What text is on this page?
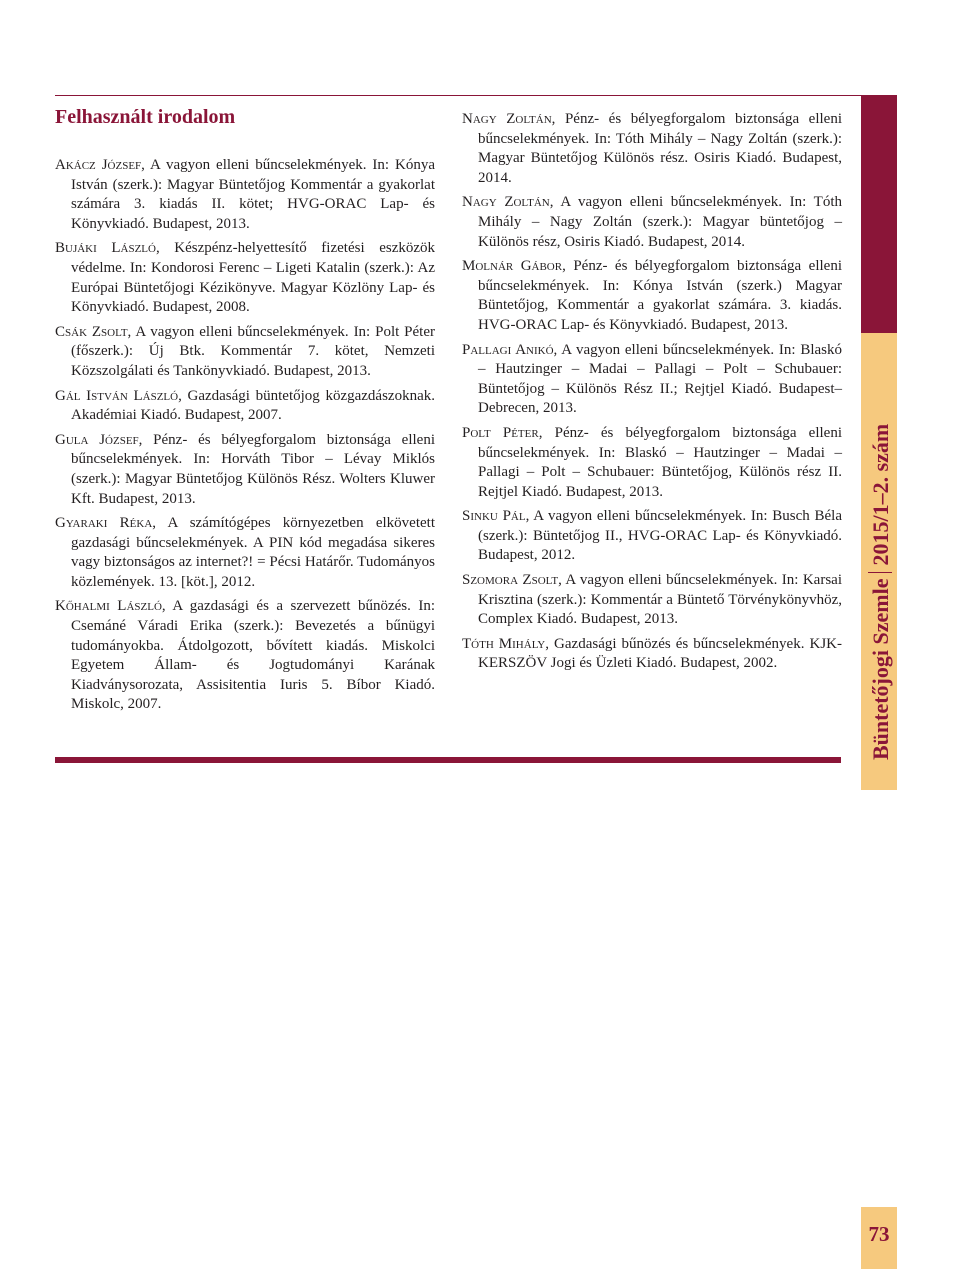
Felhasznált irodalom

Akácz József, A vagyon elleni bűncselekmények. In: Kónya István (szerk.): Magyar Büntetőjog Kommentár a gyakorlat számára 3. kiadás II. kötet; HVG-ORAC Lap- és Könyvkiadó. Budapest, 2013.

Bujáki László, Készpénz-helyettesítő fizetési eszközök védelme. In: Kondorosi Ferenc – Ligeti Katalin (szerk.): Az Európai Büntetőjogi Kézikönyve. Magyar Közlöny Lap- és Könyvkiadó. Budapest, 2008.

Csák Zsolt, A vagyon elleni bűncselekmények. In: Polt Péter (főszerk.): Új Btk. Kommentár 7. kötet, Nemzeti Közszolgálati és Tankönyvkiadó. Budapest, 2013.

Gál István László, Gazdasági büntetőjog közgazdászoknak. Akadémiai Kiadó. Budapest, 2007.

Gula József, Pénz- és bélyegforgalom biztonsága elleni bűncselekmények. In: Horváth Tibor – Lévay Miklós (szerk.): Magyar Büntetőjog Különös Rész. Wolters Kluwer Kft. Budapest, 2013.

Gyaraki Réka, A számítógépes környezetben elkövetett gazdasági bűncselekmények. A PIN kód megadása sikeres vagy biztonságos az internet?! = Pécsi Határőr. Tudományos közlemények. 13. [köt.], 2012.

Kőhalmi László, A gazdasági és a szervezett bűnözés. In: Csemáné Váradi Erika (szerk.): Bevezetés a bűnügyi tudományokba. Átdolgozott, bővített kiadás. Miskolci Egyetem Állam- és Jogtudományi Karának Kiadványsorozata, Assisitentia Iuris 5. Bíbor Kiadó. Miskolc, 2007.

Nagy Zoltán, Pénz- és bélyegforgalom biztonsága elleni bűncselekmények. In: Tóth Mihály – Nagy Zoltán (szerk.): Magyar Büntetőjog Különös rész. Osiris Kiadó. Budapest, 2014.

Nagy Zoltán, A vagyon elleni bűncselekmények. In: Tóth Mihály – Nagy Zoltán (szerk.): Magyar büntetőjog – Különös rész, Osiris Kiadó. Budapest, 2014.

Molnár Gábor, Pénz- és bélyegforgalom biztonsága elleni bűncselekmények. In: Kónya István (szerk.) Magyar Büntetőjog, Kommentár a gyakorlat számára. 3. kiadás. HVG-ORAC Lap- és Könyvkiadó. Budapest, 2013.

Pallagi Anikó, A vagyon elleni bűncselekmények. In: Blaskó – Hautzinger – Madai – Pallagi – Polt – Schubauer: Büntetőjog – Különös Rész II.; Rejtjel Kiadó. Budapest–Debrecen, 2013.

Polt Péter, Pénz- és bélyegforgalom biztonsága elleni bűncselekmények. In: Blaskó – Hautzinger – Madai – Pallagi – Polt – Schubauer: Büntetőjog, Különös rész II. Rejtjel Kiadó. Budapest, 2013.

Sinku Pál, A vagyon elleni bűncselekmények. In: Busch Béla (szerk.): Büntetőjog II., HVG-ORAC Lap- és Könyvkiadó. Budapest, 2012.

Szomora Zsolt, A vagyon elleni bűncselekmények. In: Karsai Krisztina (szerk.): Kommentár a Büntető Törvénykönyvhöz, Complex Kiadó. Budapest, 2013.

Tóth Mihály, Gazdasági bűnözés és bűncselekmények. KJK-KERSZÖV Jogi és Üzleti Kiadó. Budapest, 2002.	Büntetőjogi Szemle2015/1–2. szám
73
